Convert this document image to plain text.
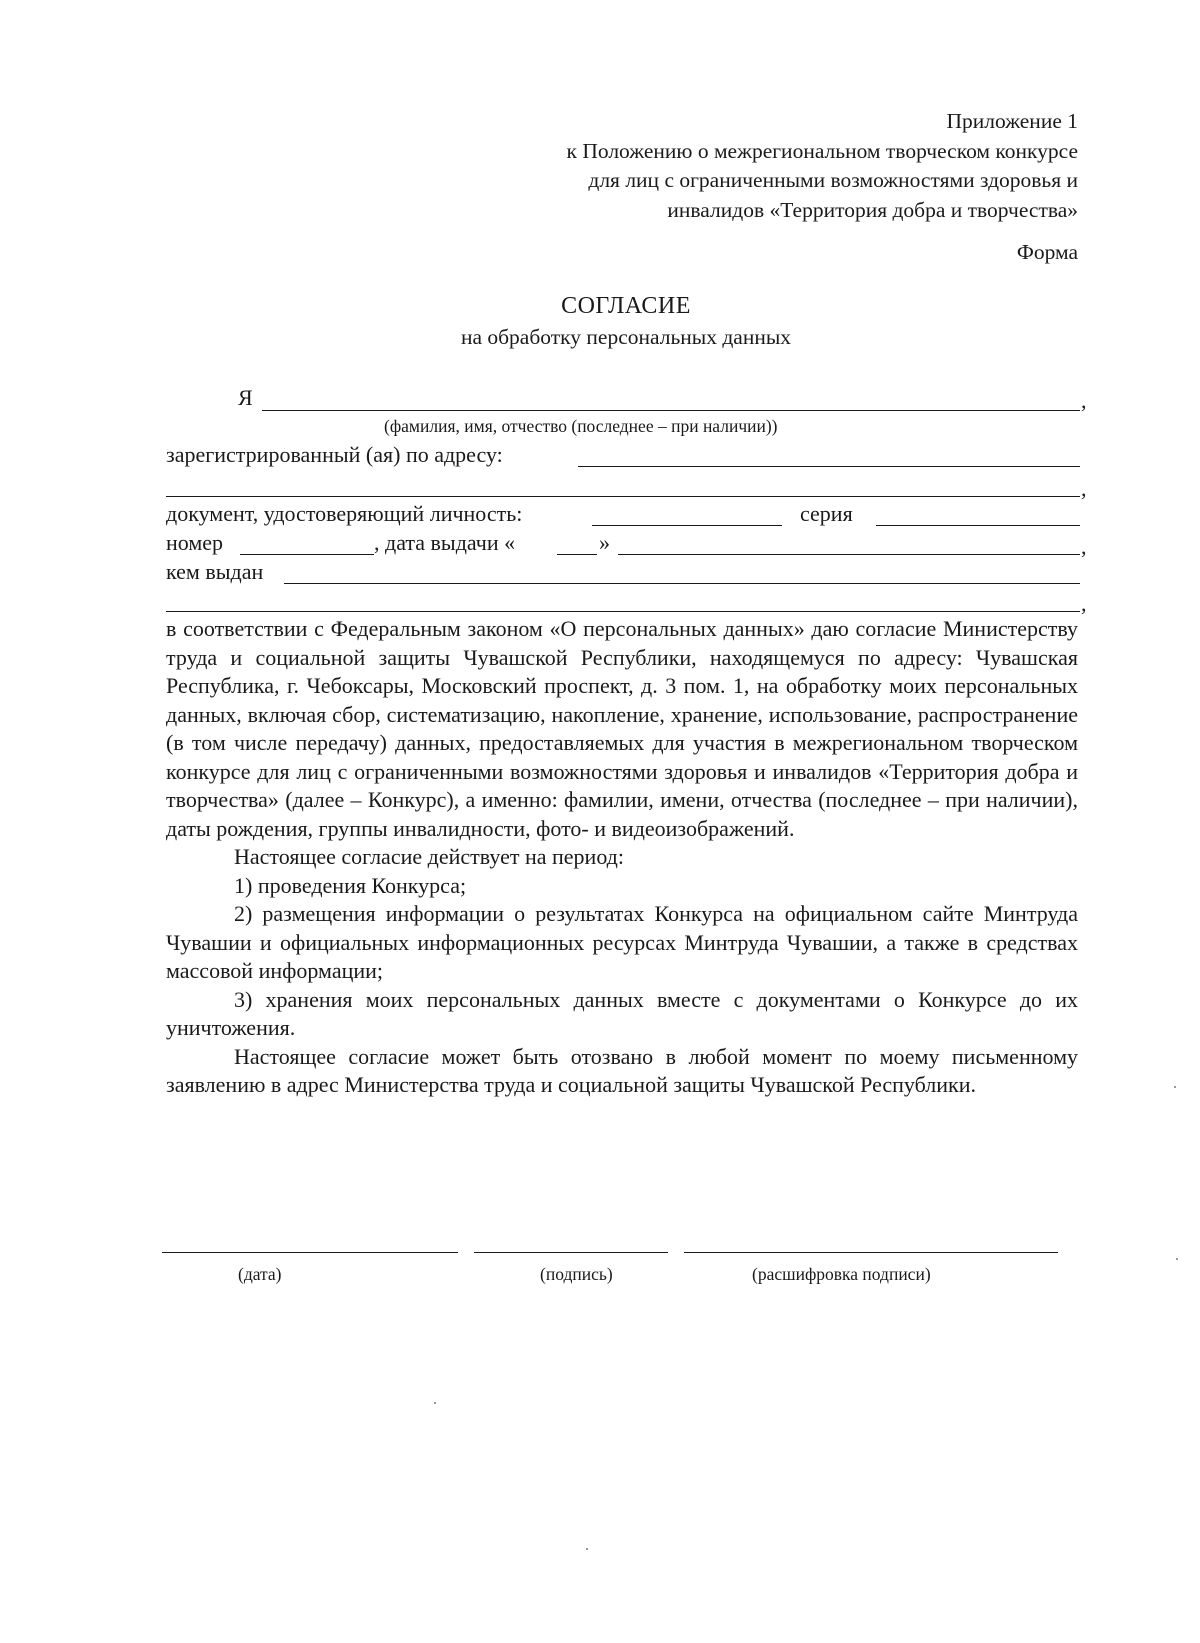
Приложение 1
к Положению о межрегиональном творческом конкурсе
для лиц с ограниченными возможностями здоровья и
инвалидов «Территория добра и творчества»
Форма
СОГЛАСИЕ
на обработку персональных данных
Я	,
(фамилия, имя, отчество (последнее – при наличии))
зарегистрированный (ая) по адресу:
,
документ, удостоверяющий личность:	серия
номер	, дата выдачи «	»	,
кем выдан
,

в соответствии с Федеральным законом «О персональных данных» даю согласие Министерству труда и социальной защиты Чувашской Республики, находящемуся по адресу: Чувашская Республика, г. Чебоксары, Московский проспект, д. 3 пом. 1, на обработку моих персональных данных, включая сбор, систематизацию, накопление, хранение, использование, распространение (в том числе передачу) данных, предоставляемых для участия в межрегиональном творческом конкурсе для лиц с ограниченными возможностями здоровья и инвалидов «Территория добра и творчества» (далее – Конкурс), а именно: фамилии, имени, отчества (последнее – при наличии), даты рождения, группы инвалидности, фото- и видеоизображений.

Настоящее согласие действует на период:

1) проведения Конкурса;

2) размещения информации о результатах Конкурса на официальном сайте Минтруда Чувашии и официальных информационных ресурсах Минтруда Чувашии, а также в средствах массовой информации;

3) хранения моих персональных данных вместе с документами о Конкурсе до их уничтожения.

Настоящее согласие может быть отозвано в любой момент по моему письменному заявлению в адрес Министерства труда и социальной защиты Чувашской Республики.

(дата)	(подпись)	(расшифровка подписи)
